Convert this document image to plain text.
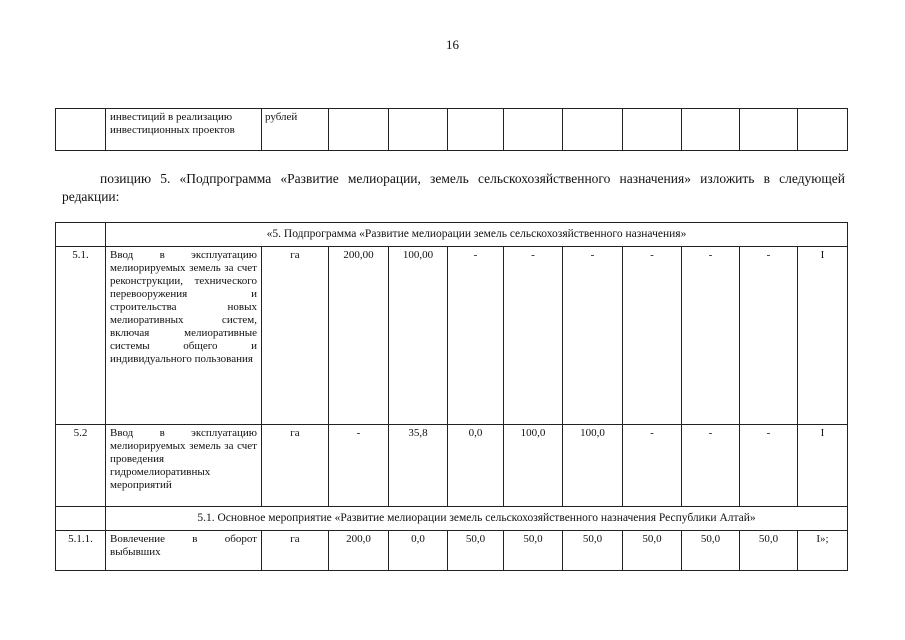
16
	инвестиций в реализацию инвестиционных проектов	рублей									
позицию 5. «Подпрограмма «Развитие мелиорации, земель сельскохозяйственного назначения» изложить в следующей редакции:
	«5. Подпрограмма «Развитие мелиорации земель сельскохозяйственного назначения»										
5.1.	Ввод в эксплуатацию мелиорируемых земель за счет реконструкции, технического перевооружения и строительства новых мелиоративных систем, включая мелиоративные системы общего и индивидуального пользования	га	200,00	100,00	-	-	-	-	-	-	I
5.2	Ввод в эксплуатацию мелиорируемых земель за счет проведения гидромелиоративных мероприятий	га	-	35,8	0,0	100,0	100,0	-	-	-	I
	5.1. Основное мероприятие «Развитие мелиорации земель сельскохозяйственного назначения Республики Алтай»										
5.1.1.	Вовлечение в оборот выбывших	га	200,0	0,0	50,0	50,0	50,0	50,0	50,0	50,0	I»;
